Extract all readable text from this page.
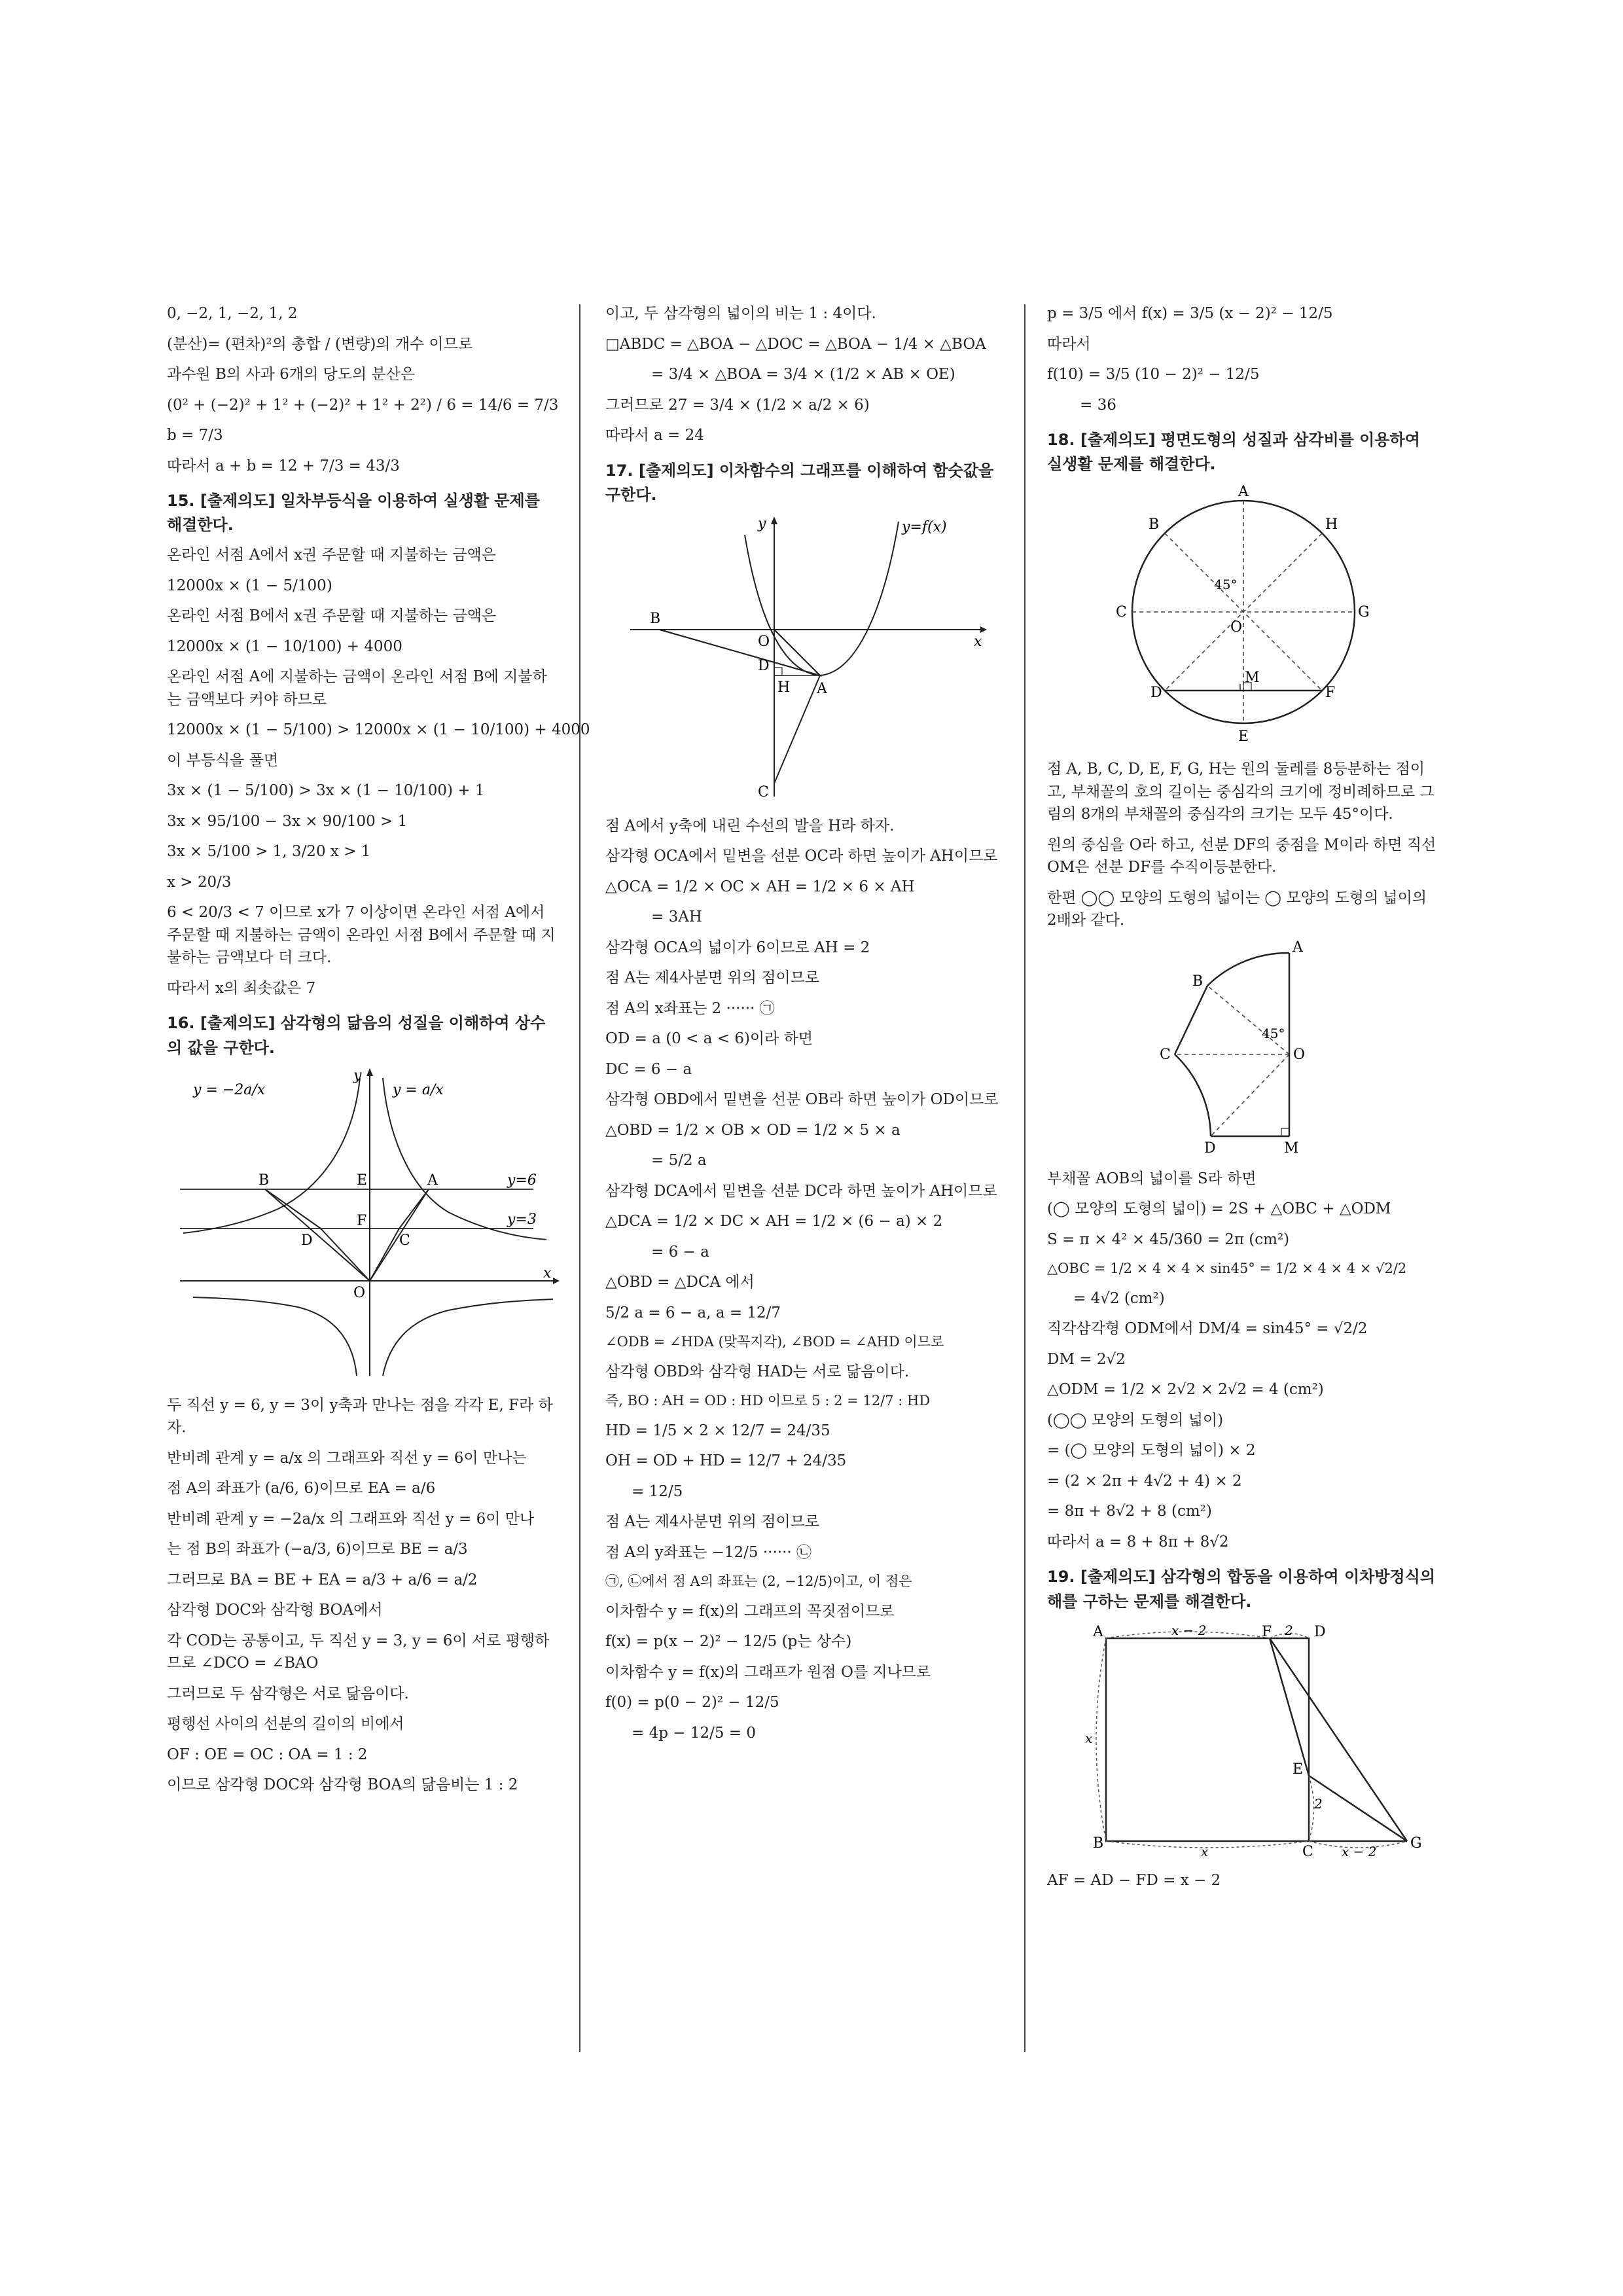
0, −2, 1, −2, 1, 2
(분산)= (편차)²의 총합 / (변량)의 개수 이므로
과수원 B의 사과 6개의 당도의 분산은
(0² + (−2)² + 1² + (−2)² + 1² + 2²) / 6 = 14/6 = 7/3
b = 7/3
따라서 a + b = 12 + 7/3 = 43/3
15. [출제의도] 일차부등식을 이용하여 실생활 문제를 해결한다.
온라인 서점 A에서 x권 주문할 때 지불하는 금액은
12000x × (1 − 5/100)
온라인 서점 B에서 x권 주문할 때 지불하는 금액은
12000x × (1 − 10/100) + 4000
온라인 서점 A에 지불하는 금액이 온라인 서점 B에 지불하는 금액보다 커야 하므로
12000x × (1 − 5/100) > 12000x × (1 − 10/100) + 4000
이 부등식을 풀면
3x × (1 − 5/100) > 3x × (1 − 10/100) + 1
3x × 95/100 − 3x × 90/100 > 1
3x × 5/100 > 1, 3/20 x > 1
x > 20/3
6 < 20/3 < 7 이므로 x가 7 이상이면 온라인 서점 A에서 주문할 때 지불하는 금액이 온라인 서점 B에서 주문할 때 지불하는 금액보다 더 크다.
따라서 x의 최솟값은 7
16. [출제의도] 삼각형의 닮음의 성질을 이해하여 상수의 값을 구한다.
y = −2a/x	y = a/x
y
x
y=6
y=3
B	E	A
F
D	C
O
두 직선 y = 6, y = 3이 y축과 만나는 점을 각각 E, F라 하자.
반비례 관계 y = a/x 의 그래프와 직선 y = 6이 만나는
점 A의 좌표가 (a/6, 6)이므로 EA = a/6
반비례 관계 y = −2a/x 의 그래프와 직선 y = 6이 만나
는 점 B의 좌표가 (−a/3, 6)이므로 BE = a/3
그러므로 BA = BE + EA = a/3 + a/6 = a/2
삼각형 DOC와 삼각형 BOA에서
각 COD는 공통이고, 두 직선 y = 3, y = 6이 서로 평행하므로 ∠DCO = ∠BAO
그러므로 두 삼각형은 서로 닮음이다.
평행선 사이의 선분의 길이의 비에서
OF : OE = OC : OA = 1 : 2
이므로 삼각형 DOC와 삼각형 BOA의 닮음비는 1 : 2
이고, 두 삼각형의 넓이의 비는 1 : 4이다.
□ABDC = △BOA − △DOC = △BOA − 1/4 × △BOA
= 3/4 × △BOA = 3/4 × (1/2 × AB × OE)
그러므로 27 = 3/4 × (1/2 × a/2 × 6)
따라서 a = 24
17. [출제의도] 이차함수의 그래프를 이해하여 함숫값을 구한다.
y
x
y=f(x)
B
O
D
H A
C
점 A에서 y축에 내린 수선의 발을 H라 하자.
삼각형 OCA에서 밑변을 선분 OC라 하면 높이가 AH이므로
△OCA = 1/2 × OC × AH = 1/2 × 6 × AH
= 3AH
삼각형 OCA의 넓이가 6이므로 AH = 2
점 A는 제4사분면 위의 점이므로
점 A의 x좌표는 2 ······ ㉠
OD = a (0 < a < 6)이라 하면
DC = 6 − a
삼각형 OBD에서 밑변을 선분 OB라 하면 높이가 OD이므로
△OBD = 1/2 × OB × OD = 1/2 × 5 × a
= 5/2 a
삼각형 DCA에서 밑변을 선분 DC라 하면 높이가 AH이므로
△DCA = 1/2 × DC × AH = 1/2 × (6 − a) × 2
= 6 − a
△OBD = △DCA 에서
5/2 a = 6 − a, a = 12/7
∠ODB = ∠HDA (맞꼭지각), ∠BOD = ∠AHD 이므로
삼각형 OBD와 삼각형 HAD는 서로 닮음이다.
즉, BO : AH = OD : HD 이므로 5 : 2 = 12/7 : HD
HD = 1/5 × 2 × 12/7 = 24/35
OH = OD + HD = 12/7 + 24/35
= 12/5
점 A는 제4사분면 위의 점이므로
점 A의 y좌표는 −12/5 ······ ㉡
㉠, ㉡에서 점 A의 좌표는 (2, −12/5)이고, 이 점은
이차함수 y = f(x)의 그래프의 꼭짓점이므로
f(x) = p(x − 2)² − 12/5 (p는 상수)
이차함수 y = f(x)의 그래프가 원점 O를 지나므로
f(0) = p(0 − 2)² − 12/5
= 4p − 12/5 = 0
p = 3/5 에서 f(x) = 3/5 (x − 2)² − 12/5
따라서
f(10) = 3/5 (10 − 2)² − 12/5
= 36
18. [출제의도] 평면도형의 성질과 삼각비를 이용하여 실생활 문제를 해결한다.
A
B	H
C	G
O
45°
D
M
F
E
점 A, B, C, D, E, F, G, H는 원의 둘레를 8등분하는 점이고, 부채꼴의 호의 길이는 중심각의 크기에 정비례하므로 그림의 8개의 부채꼴의 중심각의 크기는 모두 45°이다.
원의 중심을 O라 하고, 선분 DF의 중점을 M이라 하면 직선 OM은 선분 DF를 수직이등분한다.
한편 ◯◯ 모양의 도형의 넓이는 ◯ 모양의 도형의 넓이의 2배와 같다.
A
B
45°
C	O
D	M
부채꼴 AOB의 넓이를 S라 하면
(◯ 모양의 도형의 넓이) = 2S + △OBC + △ODM
S = π × 4² × 45/360 = 2π (cm²)
△OBC = 1/2 × 4 × 4 × sin45° = 1/2 × 4 × 4 × √2/2
= 4√2 (cm²)
직각삼각형 ODM에서 DM/4 = sin45° = √2/2
DM = 2√2
△ODM = 1/2 × 2√2 × 2√2 = 4 (cm²)
(◯◯ 모양의 도형의 넓이)
= (◯ 모양의 도형의 넓이) × 2
= (2 × 2π + 4√2 + 4) × 2
= 8π + 8√2 + 8 (cm²)
따라서 a = 8 + 8π + 8√2
19. [출제의도] 삼각형의 합동을 이용하여 이차방정식의 해를 구하는 문제를 해결한다.
A	F	D
E
B
C
G
x − 2	2
x
2
x	x − 2
AF = AD − FD = x − 2
